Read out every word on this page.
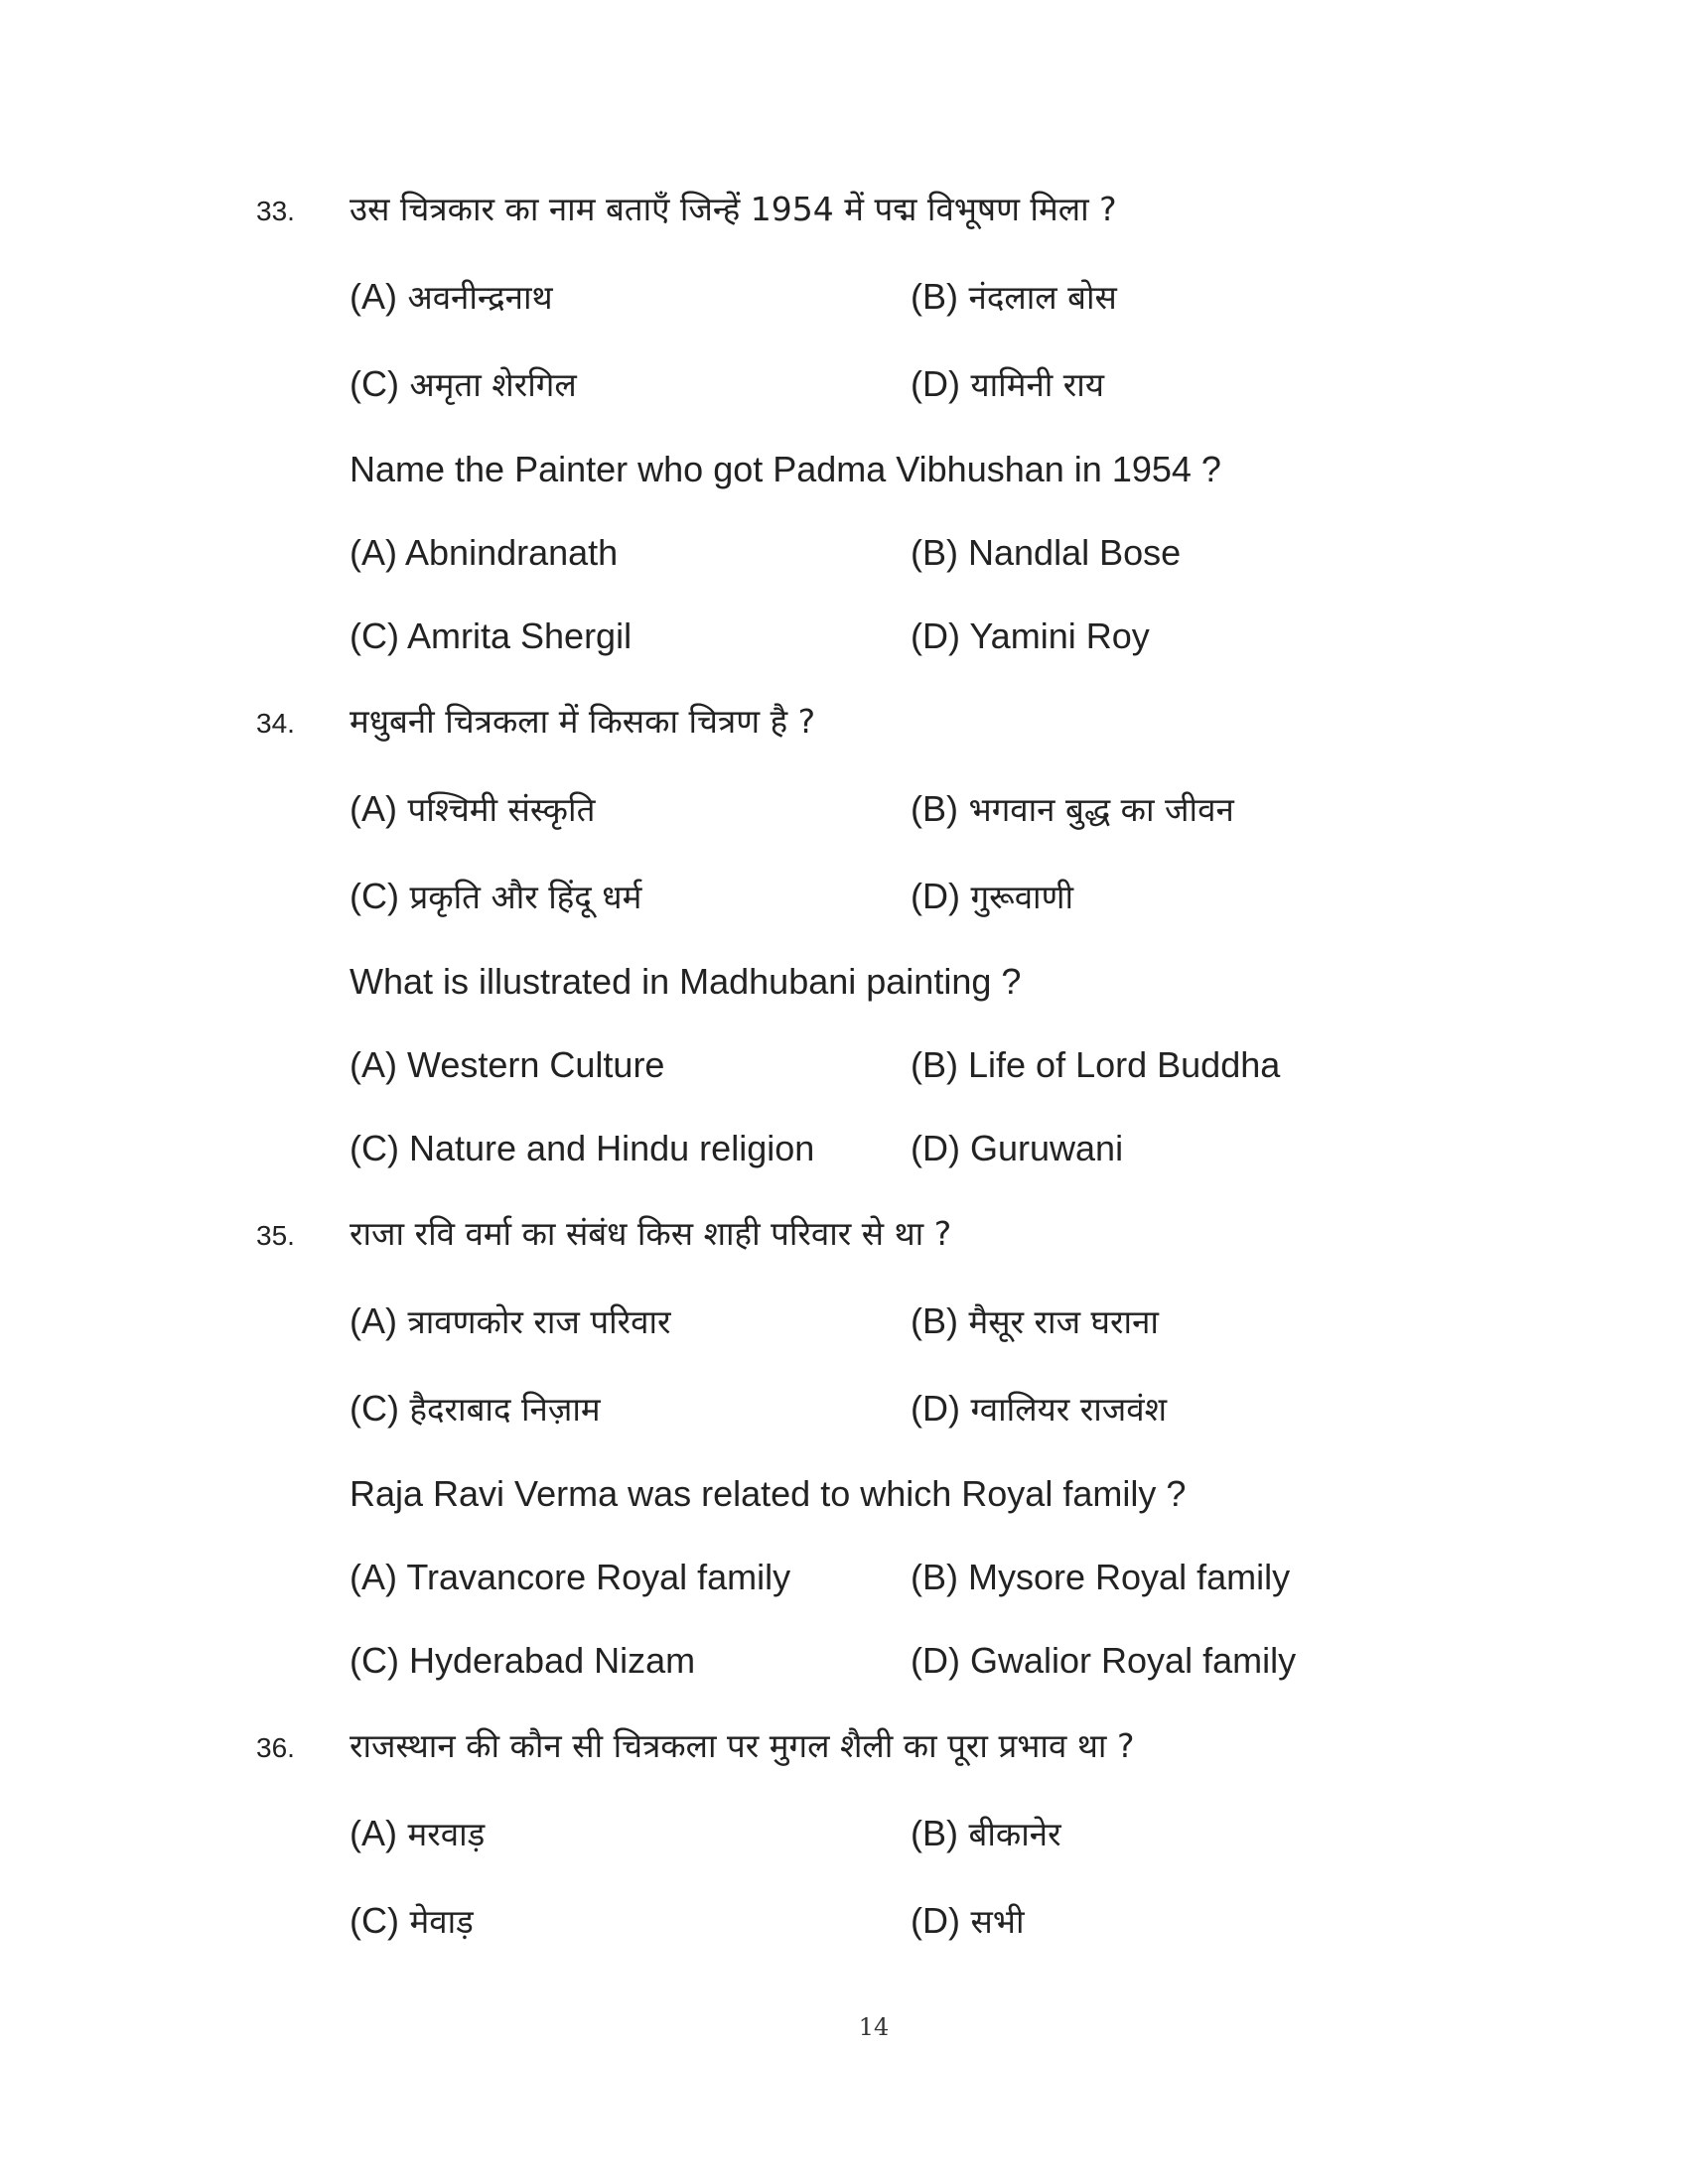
33. उस चित्रकार का नाम बताएँ जिन्हें 1954 में पद्म विभूषण मिला ?
(A) अवनीन्द्रनाथ	(B) नंदलाल बोस
(C) अमृता शेरगिल	(D) यामिनी राय
Name the Painter who got Padma Vibhushan in 1954 ?
(A) Abnindranath	(B) Nandlal Bose
(C) Amrita Shergil	(D) Yamini Roy
34. मधुबनी चित्रकला में किसका चित्रण है ?
(A) पश्चिमी संस्कृति	(B) भगवान बुद्ध का जीवन
(C) प्रकृति और हिंदू धर्म	(D) गुरूवाणी
What is illustrated in Madhubani painting ?
(A) Western Culture	(B) Life of Lord Buddha
(C) Nature and Hindu religion	(D) Guruwani
35. राजा रवि वर्मा का संबंध किस शाही परिवार से था ?
(A) त्रावणकोर राज परिवार	(B) मैसूर राज घराना
(C) हैदराबाद निज़ाम	(D) ग्वालियर राजवंश
Raja Ravi Verma was related to which Royal family ?
(A) Travancore Royal family	(B) Mysore Royal family
(C) Hyderabad Nizam	(D) Gwalior Royal family
36. राजस्थान की कौन सी चित्रकला पर मुगल शैली का पूरा प्रभाव था ?
(A) मरवाड़	(B) बीकानेर
(C) मेवाड़	(D) सभी
14
